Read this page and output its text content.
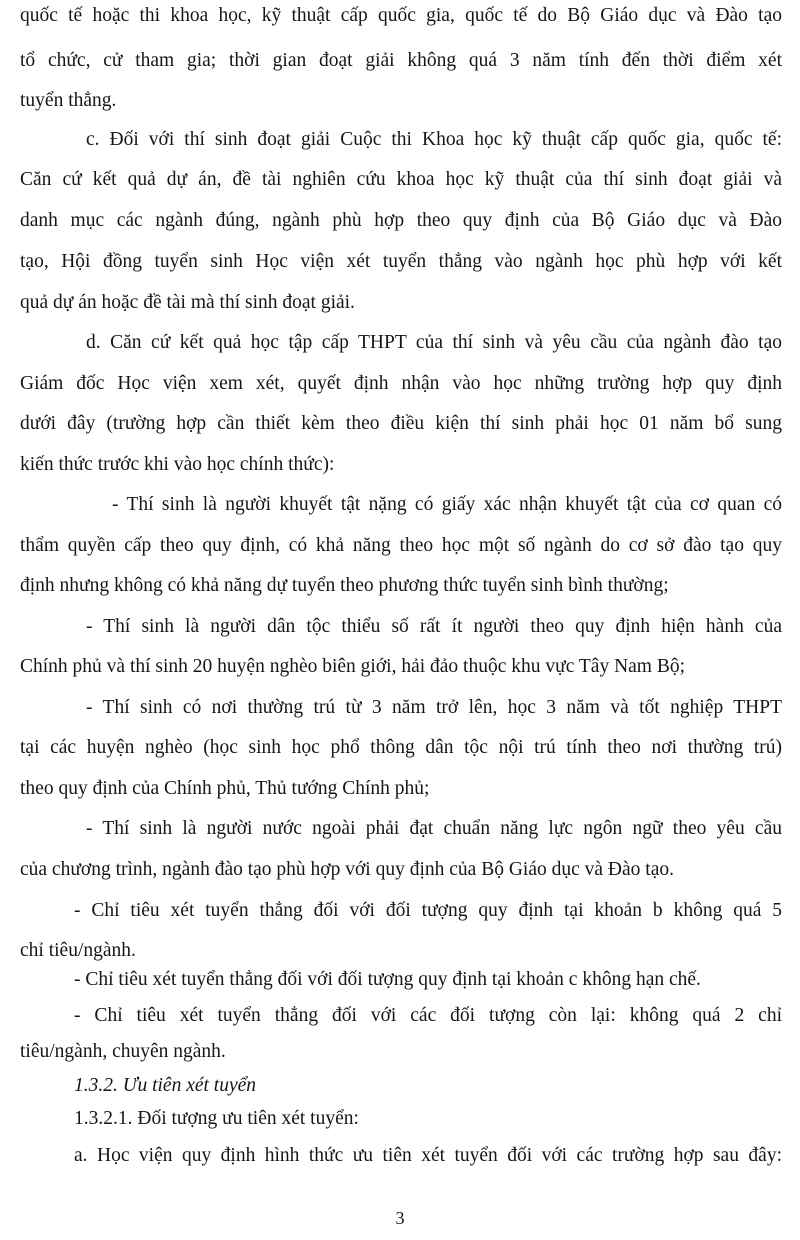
quốc tế hoặc thi khoa học, kỹ thuật cấp quốc gia, quốc tế do Bộ Giáo dục và Đào tạo
tổ chức, cử tham gia; thời gian đoạt giải không quá 3 năm tính đến thời điểm xét
tuyển thẳng.
c. Đối với thí sinh đoạt giải Cuộc thi Khoa học kỹ thuật cấp quốc gia, quốc tế:
Căn cứ kết quả dự án, đề tài nghiên cứu khoa học kỹ thuật của thí sinh đoạt giải và
danh mục các ngành đúng, ngành phù hợp theo quy định của Bộ Giáo dục và Đào
tạo, Hội đồng tuyển sinh Học viện xét tuyển thẳng vào ngành học phù hợp với kết
quả dự án hoặc đề tài mà thí sinh đoạt giải.
d. Căn cứ kết quả học tập cấp THPT của thí sinh và yêu cầu của ngành đào tạo
Giám đốc Học viện xem xét, quyết định nhận vào học những trường hợp quy định
dưới đây (trường hợp cần thiết kèm theo điều kiện thí sinh phải học 01 năm bổ sung
kiến thức trước khi vào học chính thức):
- Thí sinh là người khuyết tật nặng có giấy xác nhận khuyết tật của cơ quan có
thẩm quyền cấp theo quy định, có khả năng theo học một số ngành do cơ sở đào tạo quy
định nhưng không có khả năng dự tuyển theo phương thức tuyển sinh bình thường;
- Thí sinh là người dân tộc thiểu số rất ít người theo quy định hiện hành của
Chính phủ và thí sinh 20 huyện nghèo biên giới, hải đảo thuộc khu vực Tây Nam Bộ;
- Thí sinh có nơi thường trú từ 3 năm trở lên, học 3 năm và tốt nghiệp THPT
tại các huyện nghèo (học sinh học phổ thông dân tộc nội trú tính theo nơi thường trú)
theo quy định của Chính phủ, Thủ tướng Chính phủ;
- Thí sinh là người nước ngoài phải đạt chuẩn năng lực ngôn ngữ theo yêu cầu
của chương trình, ngành đào tạo phù hợp với quy định của Bộ Giáo dục và Đào tạo.
- Chỉ tiêu xét tuyển thẳng đối với đối tượng quy định tại khoản b không quá 5
chỉ tiêu/ngành.
- Chỉ tiêu xét tuyển thẳng đối với đối tượng quy định tại khoản c không hạn chế.
- Chỉ tiêu xét tuyển thẳng đối với các đối tượng còn lại: không quá 2 chỉ
tiêu/ngành, chuyên ngành.
1.3.2. Ưu tiên xét tuyển
1.3.2.1. Đối tượng ưu tiên xét tuyển:
a. Học viện quy định hình thức ưu tiên xét tuyển đối với các trường hợp sau đây:
3
